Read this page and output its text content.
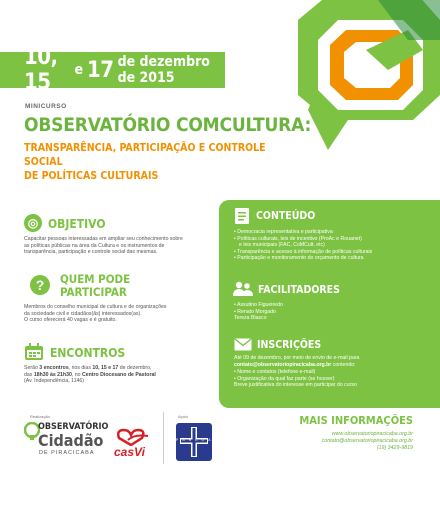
10, 15	e 17 de dezembro de 2015
MINICURSO
OBSERVATÓRIO COMCULTURA:
TRANSPARÊNCIA, PARTICIPAÇÃO E CONTROLE SOCIAL
DE POLÍTICAS CULTURAIS
◎ OBJETIVO
Capacitar pessoas interessadas em ampliar seu conhecimento sobre
as políticas públicas na área da Cultura e os instrumentos de
transparência, participação e controle social das mesmas.
?	QUEM PODE
PARTICIPAR
Membros do conselho municipal de cultura e de organizações
da sociedade civil e cidadãos(ãs) interessados(as).
O curso oferecerá 40 vagas e é gratuito.
ENCONTROS
Serão 3 encontros, nos dias 10, 15 e 17 de dezembro,
das 18h30 às 21h30, no Centro Diocesano de Pastoral
(Av. Independência, 1146)
CONTEÚDO
• Democracia representativa e participativa
• Políticas culturais, leis de incentivo (ProAc e Rouanet)
e leis municipais (FAC, CoMCult, etc)
• Transparência e acesso à informação de políticas culturais
• Participação e monitoramento do orçamento de cultura
FACILITADORES
• Assutino Figueiredo
• Renato Morgado
Tereza Blasco
INSCRIÇÕES
Até 09 de dezembro, por meio de envio de e-mail para
contato@observatoriopiracicaba.org.br contendo:
• Nome e contatos (telefone e-mail)
• Organização da qual faz parte (se houver)
Breve justificativa do interesse em participar do curso
MAIS INFORMAÇÕES
www.observatoriopiracicaba.org.br
contato@observatoriopiracicaba.org.br
(19) 3429-9819
Realização	Apoio
OBSERVATÓRIO
Cidadão
DE PIRACICABA casVi
PÁSCOA
